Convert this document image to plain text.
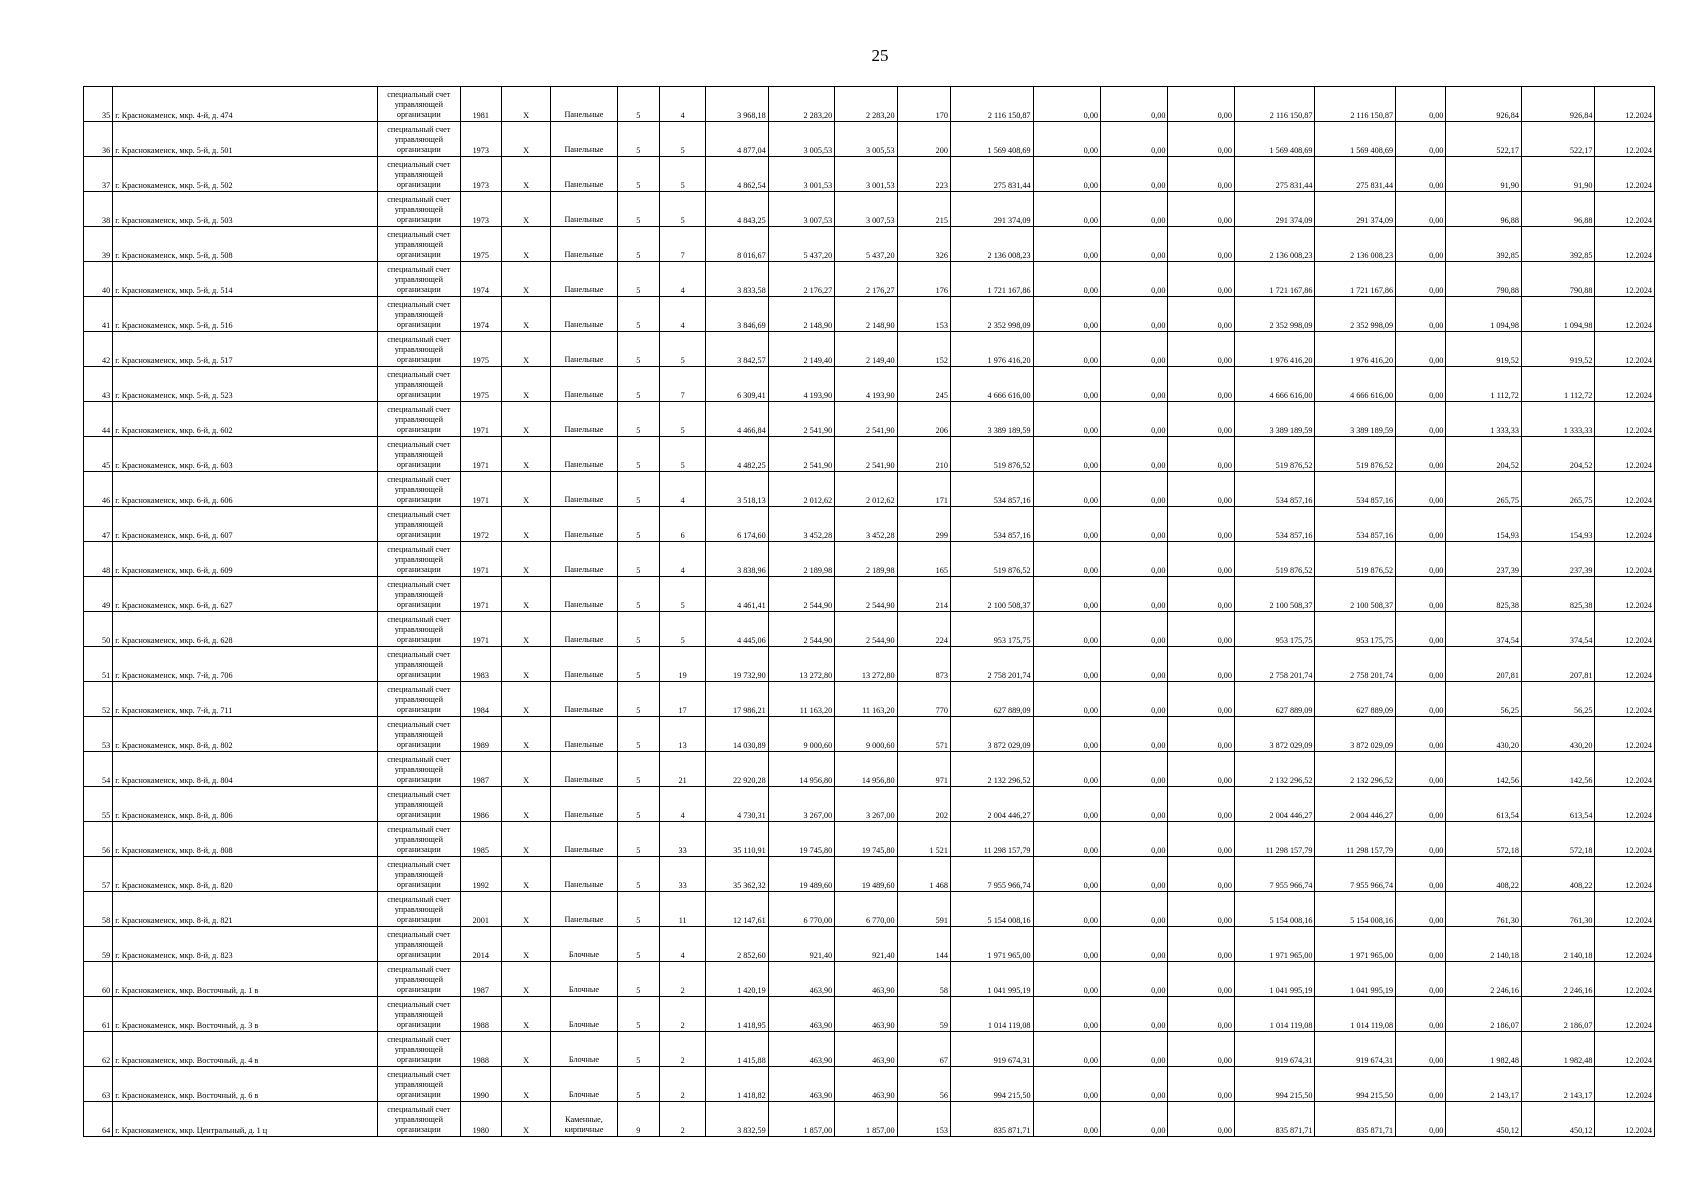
25
35	г. Краснокаменск, мкр. 4-й, д. 474	специальный счет управляющей организации	1981	Х	Панельные	5	4	3 968,18	2 283,20	2 283,20	170	2 116 150,87	0,00	0,00	0,00	2 116 150,87	2 116 150,87	0,00	926,84	926,84	12.2024
36	г. Краснокаменск, мкр. 5-й, д. 501	специальный счет управляющей организации	1973	Х	Панельные	5	5	4 877,04	3 005,53	3 005,53	200	1 569 408,69	0,00	0,00	0,00	1 569 408,69	1 569 408,69	0,00	522,17	522,17	12.2024
37	г. Краснокаменск, мкр. 5-й, д. 502	специальный счет управляющей организации	1973	Х	Панельные	5	5	4 862,54	3 001,53	3 001,53	223	275 831,44	0,00	0,00	0,00	275 831,44	275 831,44	0,00	91,90	91,90	12.2024
38	г. Краснокаменск, мкр. 5-й, д. 503	специальный счет управляющей организации	1973	Х	Панельные	5	5	4 843,25	3 007,53	3 007,53	215	291 374,09	0,00	0,00	0,00	291 374,09	291 374,09	0,00	96,88	96,88	12.2024
39	г. Краснокаменск, мкр. 5-й, д. 508	специальный счет управляющей организации	1975	Х	Панельные	5	7	8 016,67	5 437,20	5 437,20	326	2 136 008,23	0,00	0,00	0,00	2 136 008,23	2 136 008,23	0,00	392,85	392,85	12.2024
40	г. Краснокаменск, мкр. 5-й, д. 514	специальный счет управляющей организации	1974	Х	Панельные	5	4	3 833,58	2 176,27	2 176,27	176	1 721 167,86	0,00	0,00	0,00	1 721 167,86	1 721 167,86	0,00	790,88	790,88	12.2024
41	г. Краснокаменск, мкр. 5-й, д. 516	специальный счет управляющей организации	1974	Х	Панельные	5	4	3 846,69	2 148,90	2 148,90	153	2 352 998,09	0,00	0,00	0,00	2 352 998,09	2 352 998,09	0,00	1 094,98	1 094,98	12.2024
42	г. Краснокаменск, мкр. 5-й, д. 517	специальный счет управляющей организации	1975	Х	Панельные	5	5	3 842,57	2 149,40	2 149,40	152	1 976 416,20	0,00	0,00	0,00	1 976 416,20	1 976 416,20	0,00	919,52	919,52	12.2024
43	г. Краснокаменск, мкр. 5-й, д. 523	специальный счет управляющей организации	1975	Х	Панельные	5	7	6 309,41	4 193,90	4 193,90	245	4 666 616,00	0,00	0,00	0,00	4 666 616,00	4 666 616,00	0,00	1 112,72	1 112,72	12.2024
44	г. Краснокаменск, мкр. 6-й, д. 602	специальный счет управляющей организации	1971	Х	Панельные	5	5	4 466,84	2 541,90	2 541,90	206	3 389 189,59	0,00	0,00	0,00	3 389 189,59	3 389 189,59	0,00	1 333,33	1 333,33	12.2024
45	г. Краснокаменск, мкр. 6-й, д. 603	специальный счет управляющей организации	1971	Х	Панельные	5	5	4 482,25	2 541,90	2 541,90	210	519 876,52	0,00	0,00	0,00	519 876,52	519 876,52	0,00	204,52	204,52	12.2024
46	г. Краснокаменск, мкр. 6-й, д. 606	специальный счет управляющей организации	1971	Х	Панельные	5	4	3 518,13	2 012,62	2 012,62	171	534 857,16	0,00	0,00	0,00	534 857,16	534 857,16	0,00	265,75	265,75	12.2024
47	г. Краснокаменск, мкр. 6-й, д. 607	специальный счет управляющей организации	1972	Х	Панельные	5	6	6 174,60	3 452,28	3 452,28	299	534 857,16	0,00	0,00	0,00	534 857,16	534 857,16	0,00	154,93	154,93	12.2024
48	г. Краснокаменск, мкр. 6-й, д. 609	специальный счет управляющей организации	1971	Х	Панельные	5	4	3 838,96	2 189,98	2 189,98	165	519 876,52	0,00	0,00	0,00	519 876,52	519 876,52	0,00	237,39	237,39	12.2024
49	г. Краснокаменск, мкр. 6-й, д. 627	специальный счет управляющей организации	1971	Х	Панельные	5	5	4 461,41	2 544,90	2 544,90	214	2 100 508,37	0,00	0,00	0,00	2 100 508,37	2 100 508,37	0,00	825,38	825,38	12.2024
50	г. Краснокаменск, мкр. 6-й, д. 628	специальный счет управляющей организации	1971	Х	Панельные	5	5	4 445,06	2 544,90	2 544,90	224	953 175,75	0,00	0,00	0,00	953 175,75	953 175,75	0,00	374,54	374,54	12.2024
51	г. Краснокаменск, мкр. 7-й, д. 706	специальный счет управляющей организации	1983	Х	Панельные	5	19	19 732,90	13 272,80	13 272,80	873	2 758 201,74	0,00	0,00	0,00	2 758 201,74	2 758 201,74	0,00	207,81	207,81	12.2024
52	г. Краснокаменск, мкр. 7-й, д. 711	специальный счет управляющей организации	1984	Х	Панельные	5	17	17 986,21	11 163,20	11 163,20	770	627 889,09	0,00	0,00	0,00	627 889,09	627 889,09	0,00	56,25	56,25	12.2024
53	г. Краснокаменск, мкр. 8-й, д. 802	специальный счет управляющей организации	1989	Х	Панельные	5	13	14 030,89	9 000,60	9 000,60	571	3 872 029,09	0,00	0,00	0,00	3 872 029,09	3 872 029,09	0,00	430,20	430,20	12.2024
54	г. Краснокаменск, мкр. 8-й, д. 804	специальный счет управляющей организации	1987	Х	Панельные	5	21	22 920,28	14 956,80	14 956,80	971	2 132 296,52	0,00	0,00	0,00	2 132 296,52	2 132 296,52	0,00	142,56	142,56	12.2024
55	г. Краснокаменск, мкр. 8-й, д. 806	специальный счет управляющей организации	1986	Х	Панельные	5	4	4 730,31	3 267,00	3 267,00	202	2 004 446,27	0,00	0,00	0,00	2 004 446,27	2 004 446,27	0,00	613,54	613,54	12.2024
56	г. Краснокаменск, мкр. 8-й, д. 808	специальный счет управляющей организации	1985	Х	Панельные	5	33	35 110,91	19 745,80	19 745,80	1 521	11 298 157,79	0,00	0,00	0,00	11 298 157,79	11 298 157,79	0,00	572,18	572,18	12.2024
57	г. Краснокаменск, мкр. 8-й, д. 820	специальный счет управляющей организации	1992	Х	Панельные	5	33	35 362,32	19 489,60	19 489,60	1 468	7 955 966,74	0,00	0,00	0,00	7 955 966,74	7 955 966,74	0,00	408,22	408,22	12.2024
58	г. Краснокаменск, мкр. 8-й, д. 821	специальный счет управляющей организации	2001	Х	Панельные	5	11	12 147,61	6 770,00	6 770,00	591	5 154 008,16	0,00	0,00	0,00	5 154 008,16	5 154 008,16	0,00	761,30	761,30	12.2024
59	г. Краснокаменск, мкр. 8-й, д. 823	специальный счет управляющей организации	2014	Х	Блочные	5	4	2 852,60	921,40	921,40	144	1 971 965,00	0,00	0,00	0,00	1 971 965,00	1 971 965,00	0,00	2 140,18	2 140,18	12.2024
60	г. Краснокаменск, мкр. Восточный, д. 1 в	специальный счет управляющей организации	1987	Х	Блочные	5	2	1 420,19	463,90	463,90	58	1 041 995,19	0,00	0,00	0,00	1 041 995,19	1 041 995,19	0,00	2 246,16	2 246,16	12.2024
61	г. Краснокаменск, мкр. Восточный, д. 3 в	специальный счет управляющей организации	1988	Х	Блочные	5	2	1 418,95	463,90	463,90	59	1 014 119,08	0,00	0,00	0,00	1 014 119,08	1 014 119,08	0,00	2 186,07	2 186,07	12.2024
62	г. Краснокаменск, мкр. Восточный, д. 4 в	специальный счет управляющей организации	1988	Х	Блочные	5	2	1 415,88	463,90	463,90	67	919 674,31	0,00	0,00	0,00	919 674,31	919 674,31	0,00	1 982,48	1 982,48	12.2024
63	г. Краснокаменск, мкр. Восточный, д. 6 в	специальный счет управляющей организации	1990	Х	Блочные	5	2	1 418,82	463,90	463,90	56	994 215,50	0,00	0,00	0,00	994 215,50	994 215,50	0,00	2 143,17	2 143,17	12.2024
64	г. Краснокаменск, мкр. Центральный, д. 1 ц	специальный счет управляющей организации	1980	Х	Каменные, кирпичные	9	2	3 832,59	1 857,00	1 857,00	153	835 871,71	0,00	0,00	0,00	835 871,71	835 871,71	0,00	450,12	450,12	12.2024
